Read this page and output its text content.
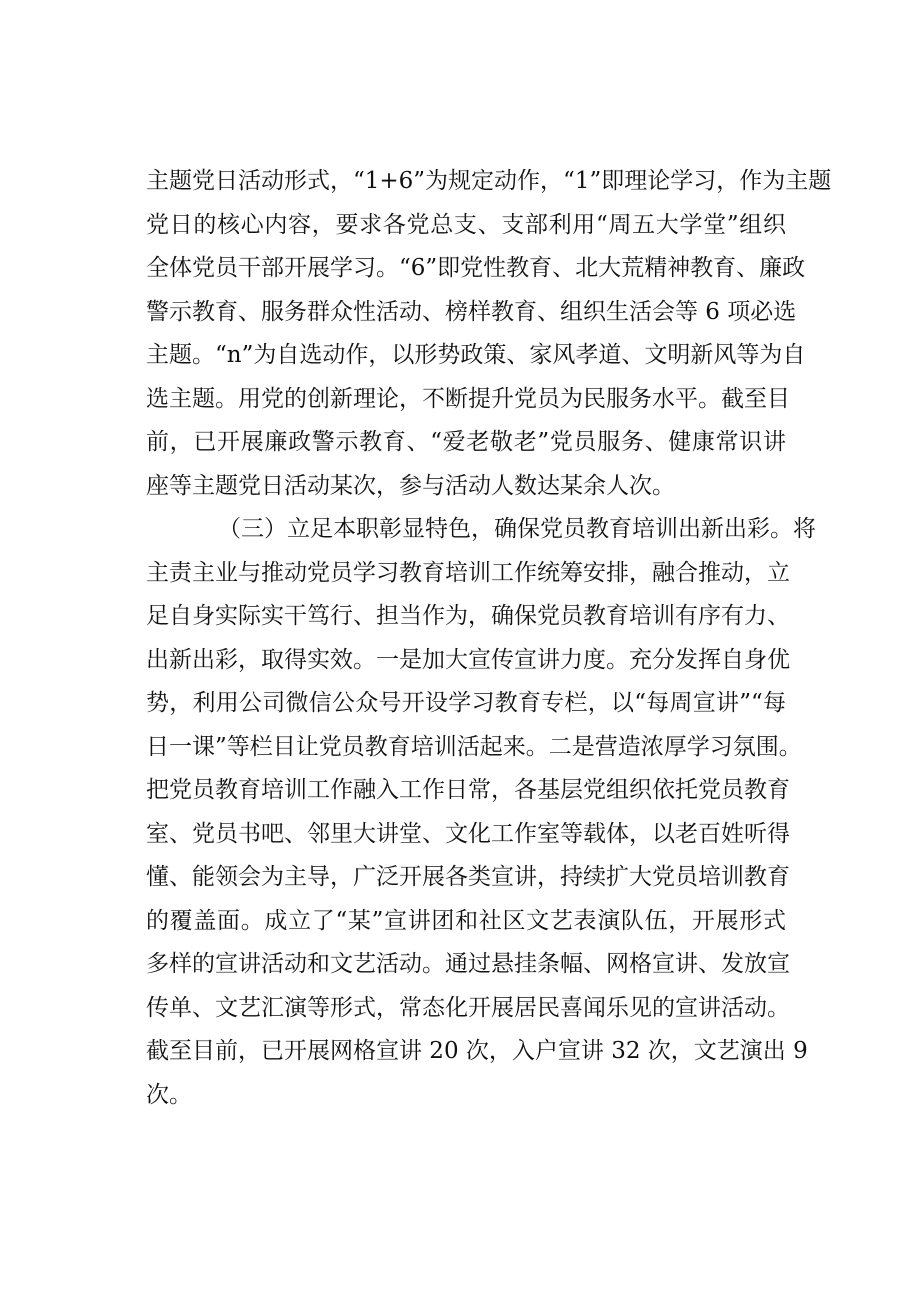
主题党日活动形式，“1+6”为规定动作，“1”即理论学习，作为主题
党日的核心内容，要求各党总支、支部利用“周五大学堂”组织
全体党员干部开展学习。“6”即党性教育、北大荒精神教育、廉政
警示教育、服务群众性活动、榜样教育、组织生活会等 6 项必选
主题。“n”为自选动作，以形势政策、家风孝道、文明新风等为自
选主题。用党的创新理论，不断提升党员为民服务水平。截至目
前，已开展廉政警示教育、“爱老敬老”党员服务、健康常识讲
座等主题党日活动某次，参与活动人数达某余人次。
（三）立足本职彰显特色，确保党员教育培训出新出彩。将
主责主业与推动党员学习教育培训工作统筹安排，融合推动，立
足自身实际实干笃行、担当作为，确保党员教育培训有序有力、
出新出彩，取得实效。一是加大宣传宣讲力度。充分发挥自身优
势，利用公司微信公众号开设学习教育专栏，以“每周宣讲”“每
日一课”等栏目让党员教育培训活起来。二是营造浓厚学习氛围。
把党员教育培训工作融入工作日常，各基层党组织依托党员教育
室、党员书吧、邻里大讲堂、文化工作室等载体，以老百姓听得
懂、能领会为主导，广泛开展各类宣讲，持续扩大党员培训教育
的覆盖面。成立了“某”宣讲团和社区文艺表演队伍，开展形式
多样的宣讲活动和文艺活动。通过悬挂条幅、网格宣讲、发放宣
传单、文艺汇演等形式，常态化开展居民喜闻乐见的宣讲活动。
截至目前，已开展网格宣讲 20 次，入户宣讲 32 次，文艺演出 9
次。
